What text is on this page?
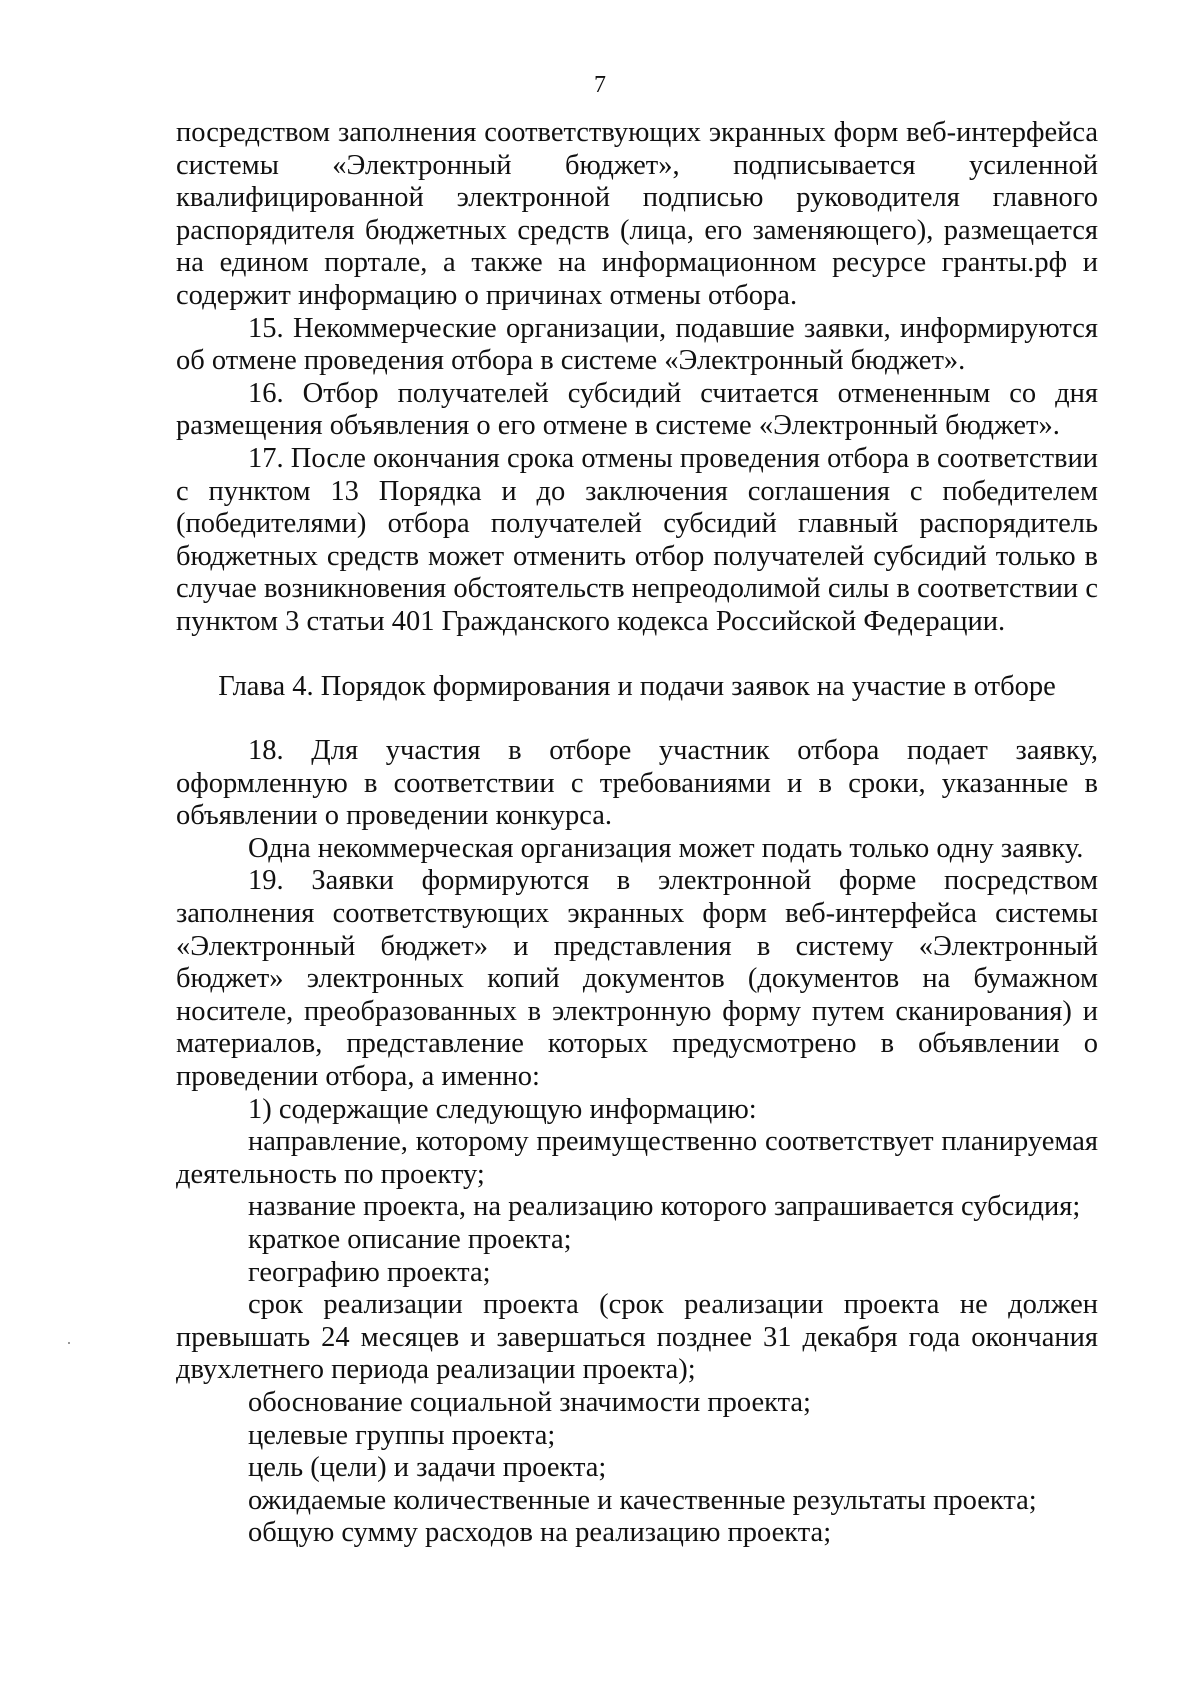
7

посредством заполнения соответствующих экранных форм веб-интерфейса системы «Электронный бюджет», подписывается усиленной квалифицированной электронной подписью руководителя главного распорядителя бюджетных средств (лица, его заменяющего), размещается на едином портале, а также на информационном ресурсе гранты.рф и содержит информацию о причинах отмены отбора.

15. Некоммерческие организации, подавшие заявки, информируются об отмене проведения отбора в системе «Электронный бюджет».

16. Отбор получателей субсидий считается отмененным со дня размещения объявления о его отмене в системе «Электронный бюджет».

17. После окончания срока отмены проведения отбора в соответствии с пунктом 13 Порядка и до заключения соглашения с победителем (победителями) отбора получателей субсидий главный распорядитель бюджетных средств может отменить отбор получателей субсидий только в случае возникновения обстоятельств непреодолимой силы в соответствии с пунктом 3 статьи 401 Гражданского кодекса Российской Федерации.

Глава 4. Порядок формирования и подачи заявок на участие в отборе

18. Для участия в отборе участник отбора подает заявку, оформленную в соответствии с требованиями и в сроки, указанные в объявлении о проведении конкурса.

Одна некоммерческая организация может подать только одну заявку.

19. Заявки формируются в электронной форме посредством заполнения соответствующих экранных форм веб-интерфейса системы «Электронный бюджет» и представления в систему «Электронный бюджет» электронных копий документов (документов на бумажном носителе, преобразованных в электронную форму путем сканирования) и материалов, представление которых предусмотрено в объявлении о проведении отбора, а именно:

1) содержащие следующую информацию:

направление, которому преимущественно соответствует планируемая деятельность по проекту;

название проекта, на реализацию которого запрашивается субсидия;

краткое описание проекта;

географию проекта;

срок реализации проекта (срок реализации проекта не должен превышать 24 месяцев и завершаться позднее 31 декабря года окончания двухлетнего периода реализации проекта);

обоснование социальной значимости проекта;

целевые группы проекта;

цель (цели) и задачи проекта;

ожидаемые количественные и качественные результаты проекта;

общую сумму расходов на реализацию проекта;
